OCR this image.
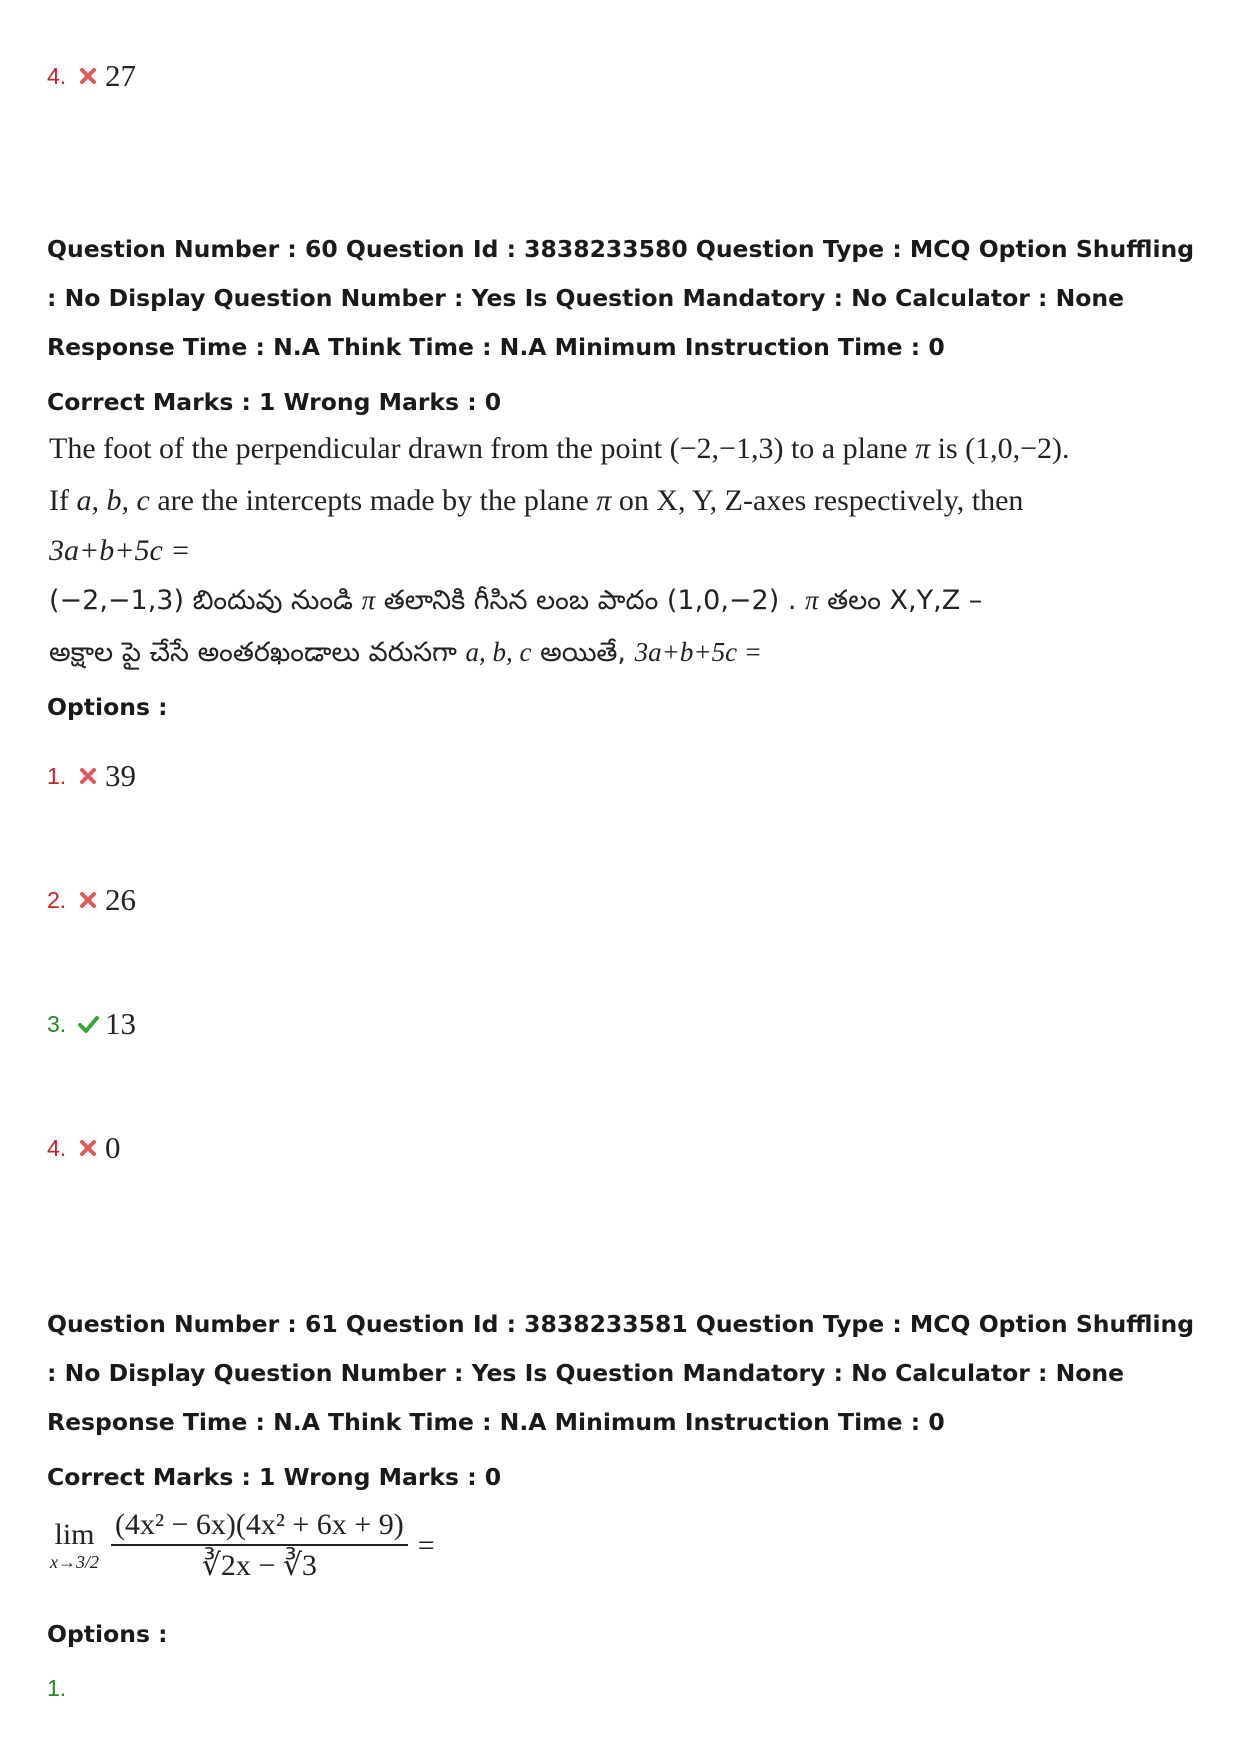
4.	27
Question Number : 60 Question Id : 3838233580 Question Type : MCQ Option Shuffling : No Display Question Number : Yes Is Question Mandatory : No Calculator : None Response Time : N.A Think Time : N.A Minimum Instruction Time : 0
Correct Marks : 1 Wrong Marks : 0
The foot of the perpendicular drawn from the point (−2,−1,3) to a plane π is (1,0,−2).
If a, b, c are the intercepts made by the plane π on X, Y, Z-axes respectively, then
3a+b+5c =
(−2,−1,3) బిందువు నుండి π తలానికి గీసిన లంబ పాదం (1,0,−2) . π తలం X,Y,Z –
అక్షాల పై చేసే అంతరఖండాలు వరుసగా a, b, c అయితే, 3a+b+5c =
Options :
1.	39
2.	26
3.	13
4.	0
Question Number : 61 Question Id : 3838233581 Question Type : MCQ Option Shuffling : No Display Question Number : Yes Is Question Mandatory : No Calculator : None Response Time : N.A Think Time : N.A Minimum Instruction Time : 0
Correct Marks : 1 Wrong Marks : 0
lim
$x\to 3/2 \frac{\text{(4x² − 6x)(4x² + 6x + 9)}}{∛2x - ∛3}$ =
Options :
1.
